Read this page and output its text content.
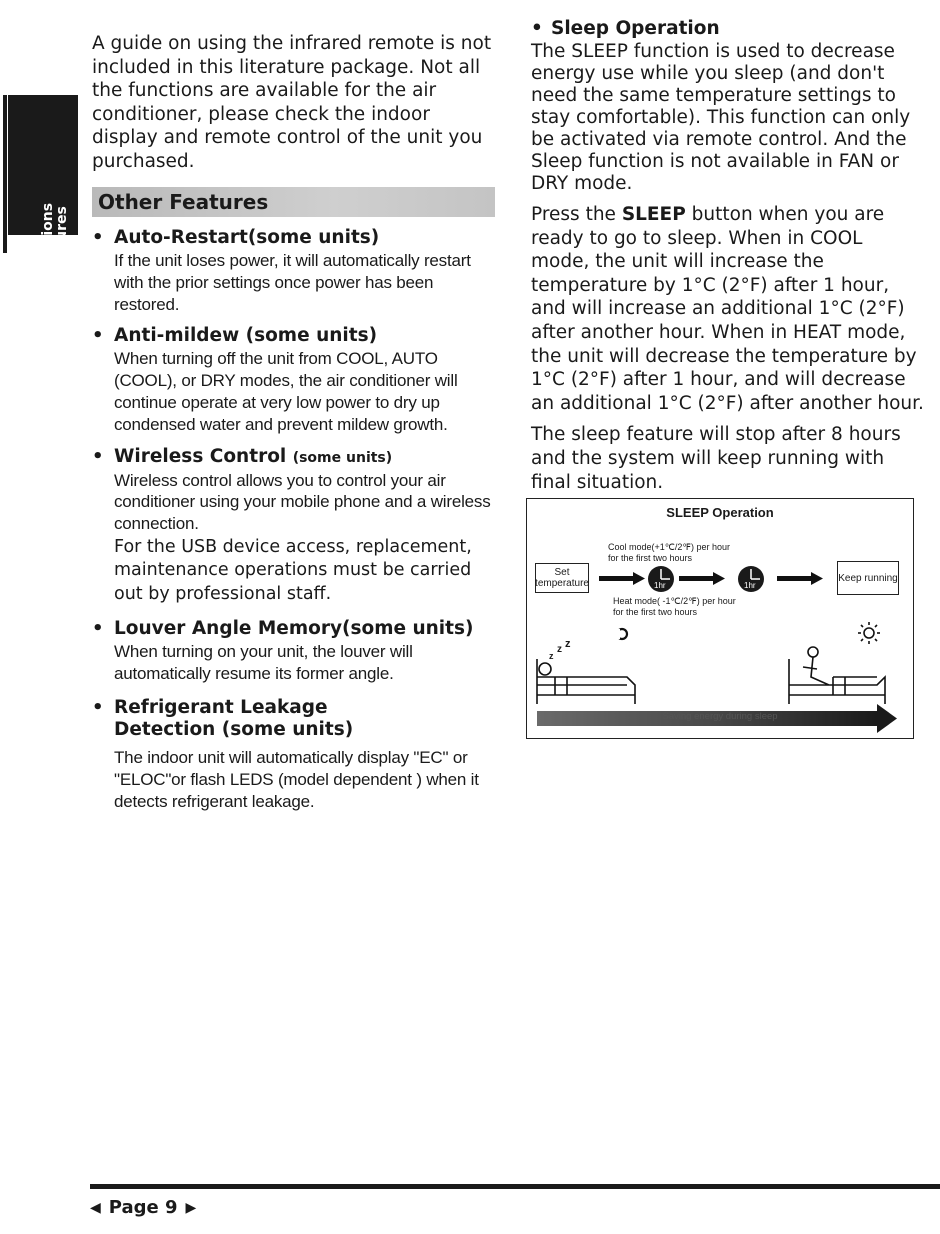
Unit
Specifications
and Features

A guide on using the infrared remote is not included in this literature package. Not all the functions are available for the air conditioner, please check the indoor display and remote control of the unit you purchased.

Other Features
• Auto-Restart(some units)

If the unit loses power, it will automatically restart with the prior settings once power has been restored.

• Anti-mildew (some units)

When turning off the unit from COOL, AUTO (COOL), or DRY modes, the air conditioner will continue operate at very low power to dry up condensed water and prevent mildew growth.

• Wireless Control (some units)

Wireless control allows you to control your air conditioner using your mobile phone and a wireless connection.

For the USB device access, replacement, maintenance operations must be carried out by professional staff.

• Louver Angle Memory(some units)

When turning on your unit, the louver will automatically resume its former angle.

• Refrigerant Leakage Detection (some units)

The indoor unit will automatically display "EC" or "ELOC"or flash LEDS (model dependent ) when it detects refrigerant leakage.

• Sleep Operation

The SLEEP function is used to decrease energy use while you sleep (and don't need the same temperature settings to stay comfortable). This function can only be activated via remote control. And the Sleep function is not available in FAN or DRY mode.

Press the SLEEP button when you are ready to go to sleep. When in COOL mode, the unit will increase the temperature by 1°C (2°F) after 1 hour, and will increase an additional 1°C (2°F) after another hour. When in HEAT mode, the unit will decrease the temperature by 1°C (2°F) after 1 hour, and will decrease an additional 1°C (2°F) after another hour.

The sleep feature will stop after 8 hours and the system will keep running with final situation.

SLEEP Operation
Cool mode(+1℃/2℉) per hour
for the first two hours
Heat mode( -1℃/2℉) per hour
for the first two hours
1hr	1hr
Set temperature	Keep running
z
z z
Saving energy during sleep
◀ Page 9 ▶
